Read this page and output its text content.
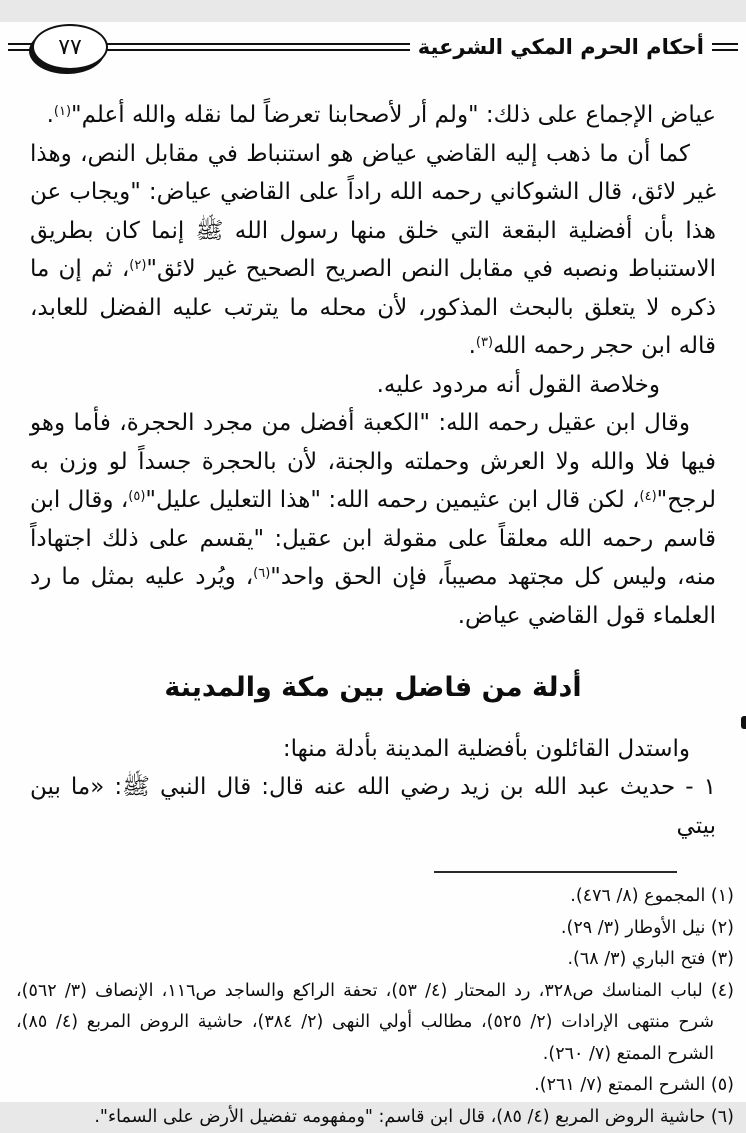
أحكام الحرم المكي الشرعية
٧٧

عياض الإجماع على ذلك: "ولم أر لأصحابنا تعرضاً لما نقله والله أعلم"$^{(١)}$.

كما أن ما ذهب إليه القاضي عياض هو استنباط في مقابل النص، وهذا غير لائق، قال الشوكاني رحمه الله راداً على القاضي عياض: "ويجاب عن هذا بأن أفضلية البقعة التي خلق منها رسول الله ﷺ إنما كان بطريق الاستنباط ونصبه في مقابل النص الصريح الصحيح غير لائق"$^{(٢)}$، ثم إن ما ذكره لا يتعلق بالبحث المذكور، لأن محله ما يترتب عليه الفضل للعابد، قاله ابن حجر رحمه الله$^{(٣)}$.

وخلاصة القول أنه مردود عليه.

وقال ابن عقيل رحمه الله: "الكعبة أفضل من مجرد الحجرة، فأما وهو فيها فلا والله ولا العرش وحملته والجنة، لأن بالحجرة جسداً لو وزن به لرجح"$^{(٤)}$، لكن قال ابن عثيمين رحمه الله: "هذا التعليل عليل"$^{(٥)}$، وقال ابن قاسم رحمه الله معلقاً على مقولة ابن عقيل: "يقسم على ذلك اجتهاداً منه، وليس كل مجتهد مصيباً، فإن الحق واحد"$^{(٦)}$، ويُرد عليه بمثل ما رد العلماء قول القاضي عياض.

أدلة من فاضل بين مكة والمدينة

واستدل القائلون بأفضلية المدينة بأدلة منها:

١ - حديث عبد الله بن زيد رضي الله عنه قال: قال النبي ﷺ: «ما بين بيتي

(١) المجموع (٨/ ٤٧٦).

(٢) نيل الأوطار (٣/ ٢٩).

(٣) فتح الباري (٣/ ٦٨).

(٤) لباب المناسك ص٣٢٨، رد المحتار (٤/ ٥٣)، تحفة الراكع والساجد ص١١٦، الإنصاف (٣/ ٥٦٢)، شرح منتهى الإرادات (٢/ ٥٢٥)، مطالب أولي النهى (٢/ ٣٨٤)، حاشية الروض المربع (٤/ ٨٥)، الشرح الممتع (٧/ ٢٦٠).

(٥) الشرح الممتع (٧/ ٢٦١).

(٦) حاشية الروض المربع (٤/ ٨٥)، قال ابن قاسم: "ومفهومه تفضيل الأرض على السماء".
